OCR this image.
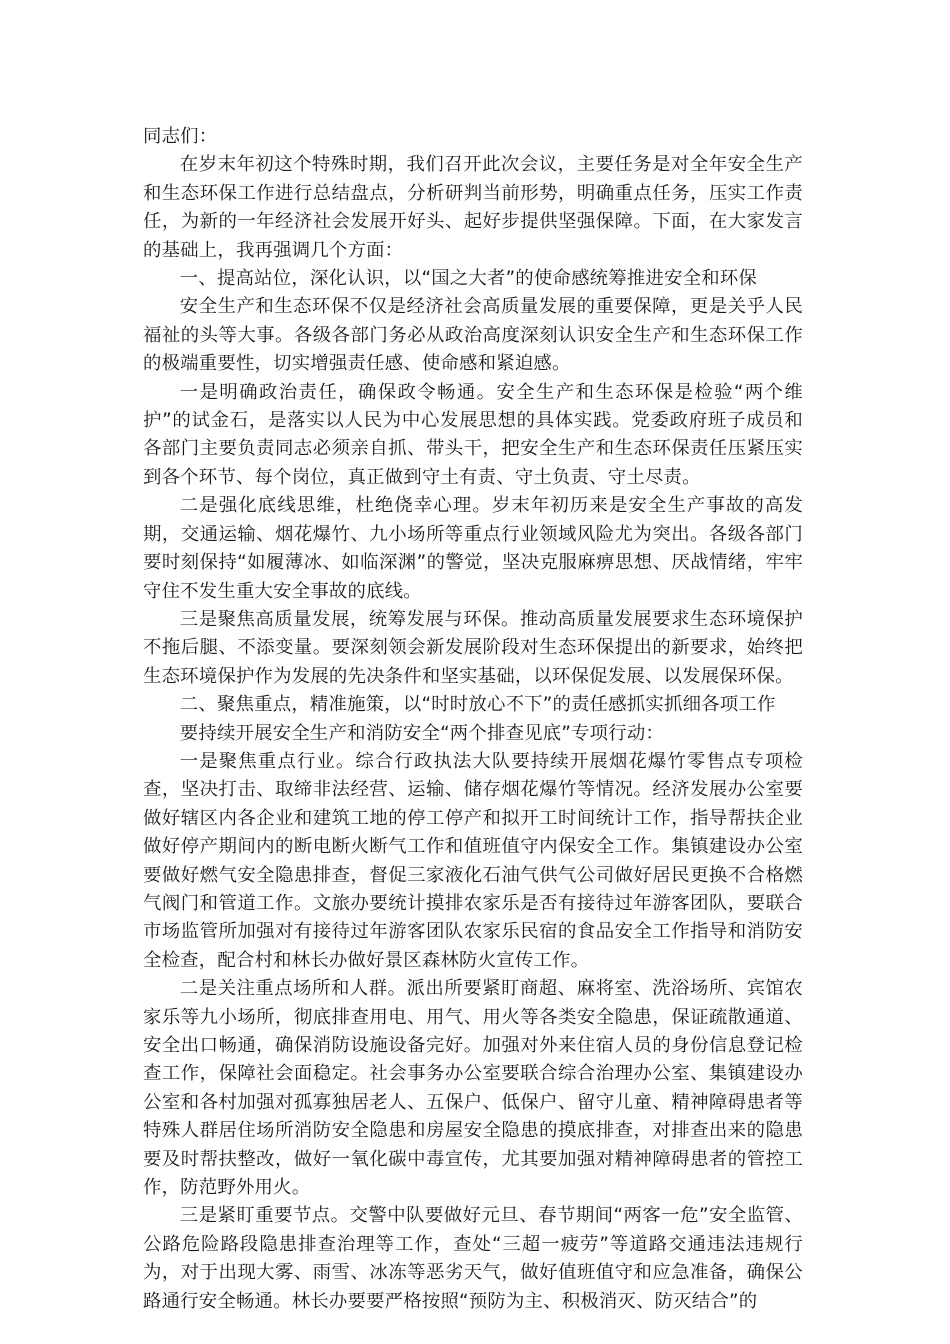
同志们：

在岁末年初这个特殊时期，我们召开此次会议，主要任务是对全年安全生产和生态环保工作进行总结盘点，分析研判当前形势，明确重点任务，压实工作责任，为新的一年经济社会发展开好头、起好步提供坚强保障。下面，在大家发言的基础上，我再强调几个方面：

一、提高站位，深化认识，以“国之大者”的使命感统筹推进安全和环保

安全生产和生态环保不仅是经济社会高质量发展的重要保障，更是关乎人民福祉的头等大事。各级各部门务必从政治高度深刻认识安全生产和生态环保工作的极端重要性，切实增强责任感、使命感和紧迫感。

一是明确政治责任，确保政令畅通。安全生产和生态环保是检验“两个维护”的试金石，是落实以人民为中心发展思想的具体实践。党委政府班子成员和各部门主要负责同志必须亲自抓、带头干，把安全生产和生态环保责任压紧压实到各个环节、每个岗位，真正做到守土有责、守土负责、守土尽责。

二是强化底线思维，杜绝侥幸心理。岁末年初历来是安全生产事故的高发期，交通运输、烟花爆竹、九小场所等重点行业领域风险尤为突出。各级各部门要时刻保持“如履薄冰、如临深渊”的警觉，坚决克服麻痹思想、厌战情绪，牢牢守住不发生重大安全事故的底线。

三是聚焦高质量发展，统筹发展与环保。推动高质量发展要求生态环境保护不拖后腿、不添变量。要深刻领会新发展阶段对生态环保提出的新要求，始终把生态环境保护作为发展的先决条件和坚实基础，以环保促发展、以发展保环保。

二、聚焦重点，精准施策，以“时时放心不下”的责任感抓实抓细各项工作

要持续开展安全生产和消防安全“两个排查见底”专项行动：

一是聚焦重点行业。综合行政执法大队要持续开展烟花爆竹零售点专项检查，坚决打击、取缔非法经营、运输、储存烟花爆竹等情况。经济发展办公室要做好辖区内各企业和建筑工地的停工停产和拟开工时间统计工作，指导帮扶企业做好停产期间内的断电断火断气工作和值班值守内保安全工作。集镇建设办公室要做好燃气安全隐患排查，督促三家液化石油气供气公司做好居民更换不合格燃气阀门和管道工作。文旅办要统计摸排农家乐是否有接待过年游客团队，要联合市场监管所加强对有接待过年游客团队农家乐民宿的食品安全工作指导和消防安全检查，配合村和林长办做好景区森林防火宣传工作。

二是关注重点场所和人群。派出所要紧盯商超、麻将室、洗浴场所、宾馆农家乐等九小场所，彻底排查用电、用气、用火等各类安全隐患，保证疏散通道、安全出口畅通，确保消防设施设备完好。加强对外来住宿人员的身份信息登记检查工作，保障社会面稳定。社会事务办公室要联合综合治理办公室、集镇建设办公室和各村加强对孤寡独居老人、五保户、低保户、留守儿童、精神障碍患者等特殊人群居住场所消防安全隐患和房屋安全隐患的摸底排查，对排查出来的隐患要及时帮扶整改，做好一氧化碳中毒宣传，尤其要加强对精神障碍患者的管控工作，防范野外用火。

三是紧盯重要节点。交警中队要做好元旦、春节期间“两客一危”安全监管、公路危险路段隐患排查治理等工作，查处“三超一疲劳”等道路交通违法违规行为，对于出现大雾、雨雪、冰冻等恶劣天气，做好值班值守和应急准备，确保公路通行安全畅通。林长办要要严格按照“预防为主、积极消灭、防灭结合”的
